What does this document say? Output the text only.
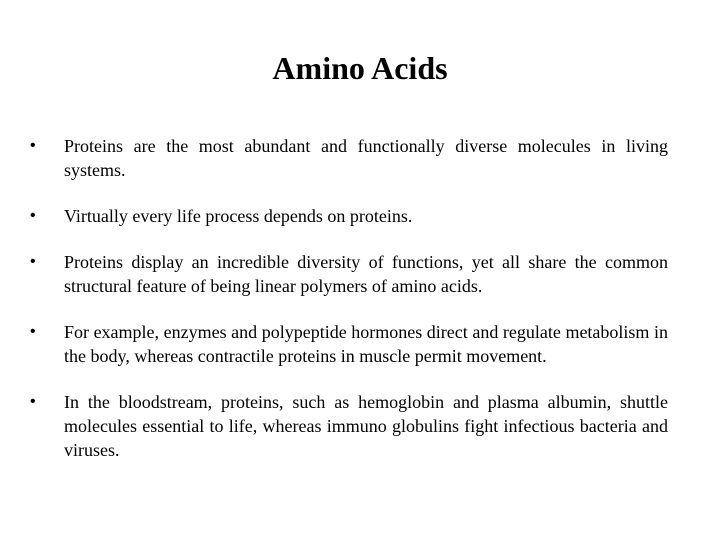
Amino Acids
•	Proteins are the most abundant and functionally diverse molecules in living systems.
•	Virtually every life process depends on proteins.
•	Proteins display an incredible diversity of functions, yet all share the common structural feature of being linear polymers of amino acids.
•	For example, enzymes and polypeptide hormones direct and regulate metabolism in the body, whereas contractile proteins in muscle permit movement.
•	In the bloodstream, proteins, such as hemoglobin and plasma albumin, shuttle molecules essential to life, whereas immuno globulins fight infectious bacteria and viruses.
